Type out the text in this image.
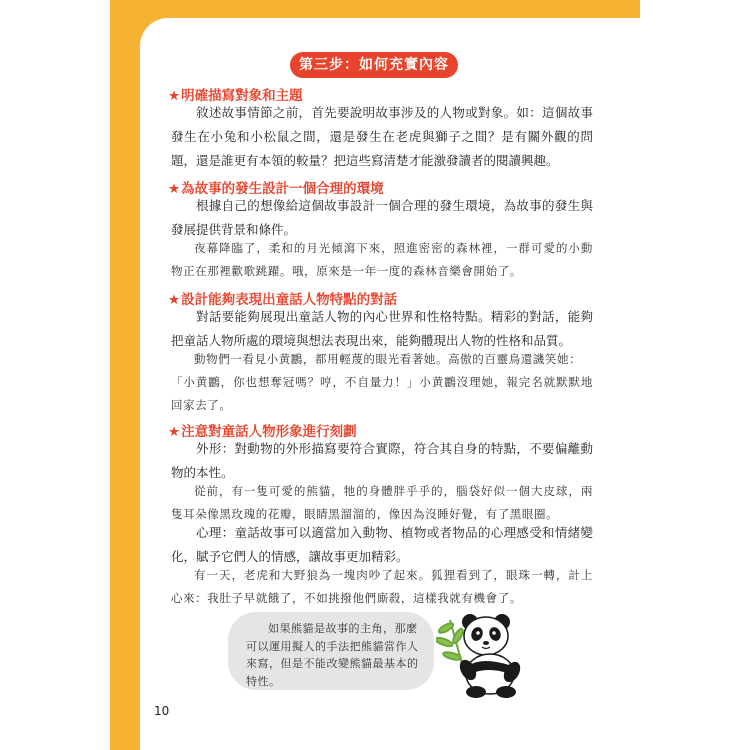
第三步：如何充實內容
★明確描寫對象和主題

敘述故事情節之前，首先要說明故事涉及的人物或對象。如：這個故事發生在小兔和小松鼠之間，還是發生在老虎與獅子之間？是有關外觀的問題，還是誰更有本領的較量？把這些寫清楚才能激發讀者的閱讀興趣。

★為故事的發生設計一個合理的環境

根據自己的想像給這個故事設計一個合理的發生環境，為故事的發生與發展提供背景和條件。

夜幕降臨了，柔和的月光傾瀉下來，照進密密的森林裡，一群可愛的小動物正在那裡歡歌跳躍。哦，原來是一年一度的森林音樂會開始了。

★設計能夠表現出童話人物特點的對話

對話要能夠展現出童話人物的內心世界和性格特點。精彩的對話，能夠把童話人物所處的環境與想法表現出來，能夠體現出人物的性格和品質。

動物們一看見小黄鸝，都用輕蔑的眼光看著她。高傲的百靈鳥還譏笑她：

「小黄鸝，你也想奪冠嗎？哼，不自量力！」小黄鸝沒理她，報完名就默默地回家去了。

★注意對童話人物形象進行刻劃

外形：對動物的外形描寫要符合實際，符合其自身的特點，不要偏離動物的本性。

從前，有一隻可愛的熊貓，牠的身體胖乎乎的，腦袋好似一個大皮球，兩隻耳朵像黑玫瑰的花瓣，眼睛黑溜溜的，像因為沒睡好覺，有了黑眼圈。

心理：童話故事可以適當加入動物、植物或者物品的心理感受和情緒變化，賦予它們人的情感，讓故事更加精彩。

有一天，老虎和大野狼為一塊肉吵了起來。狐狸看到了，眼珠一轉，計上心來：我肚子早就餓了，不如挑撥他們廝殺，這樣我就有機會了。

如果熊貓是故事的主角，那麼可以運用擬人的手法把熊貓當作人來寫，但是不能改變熊貓最基本的特性。
10
